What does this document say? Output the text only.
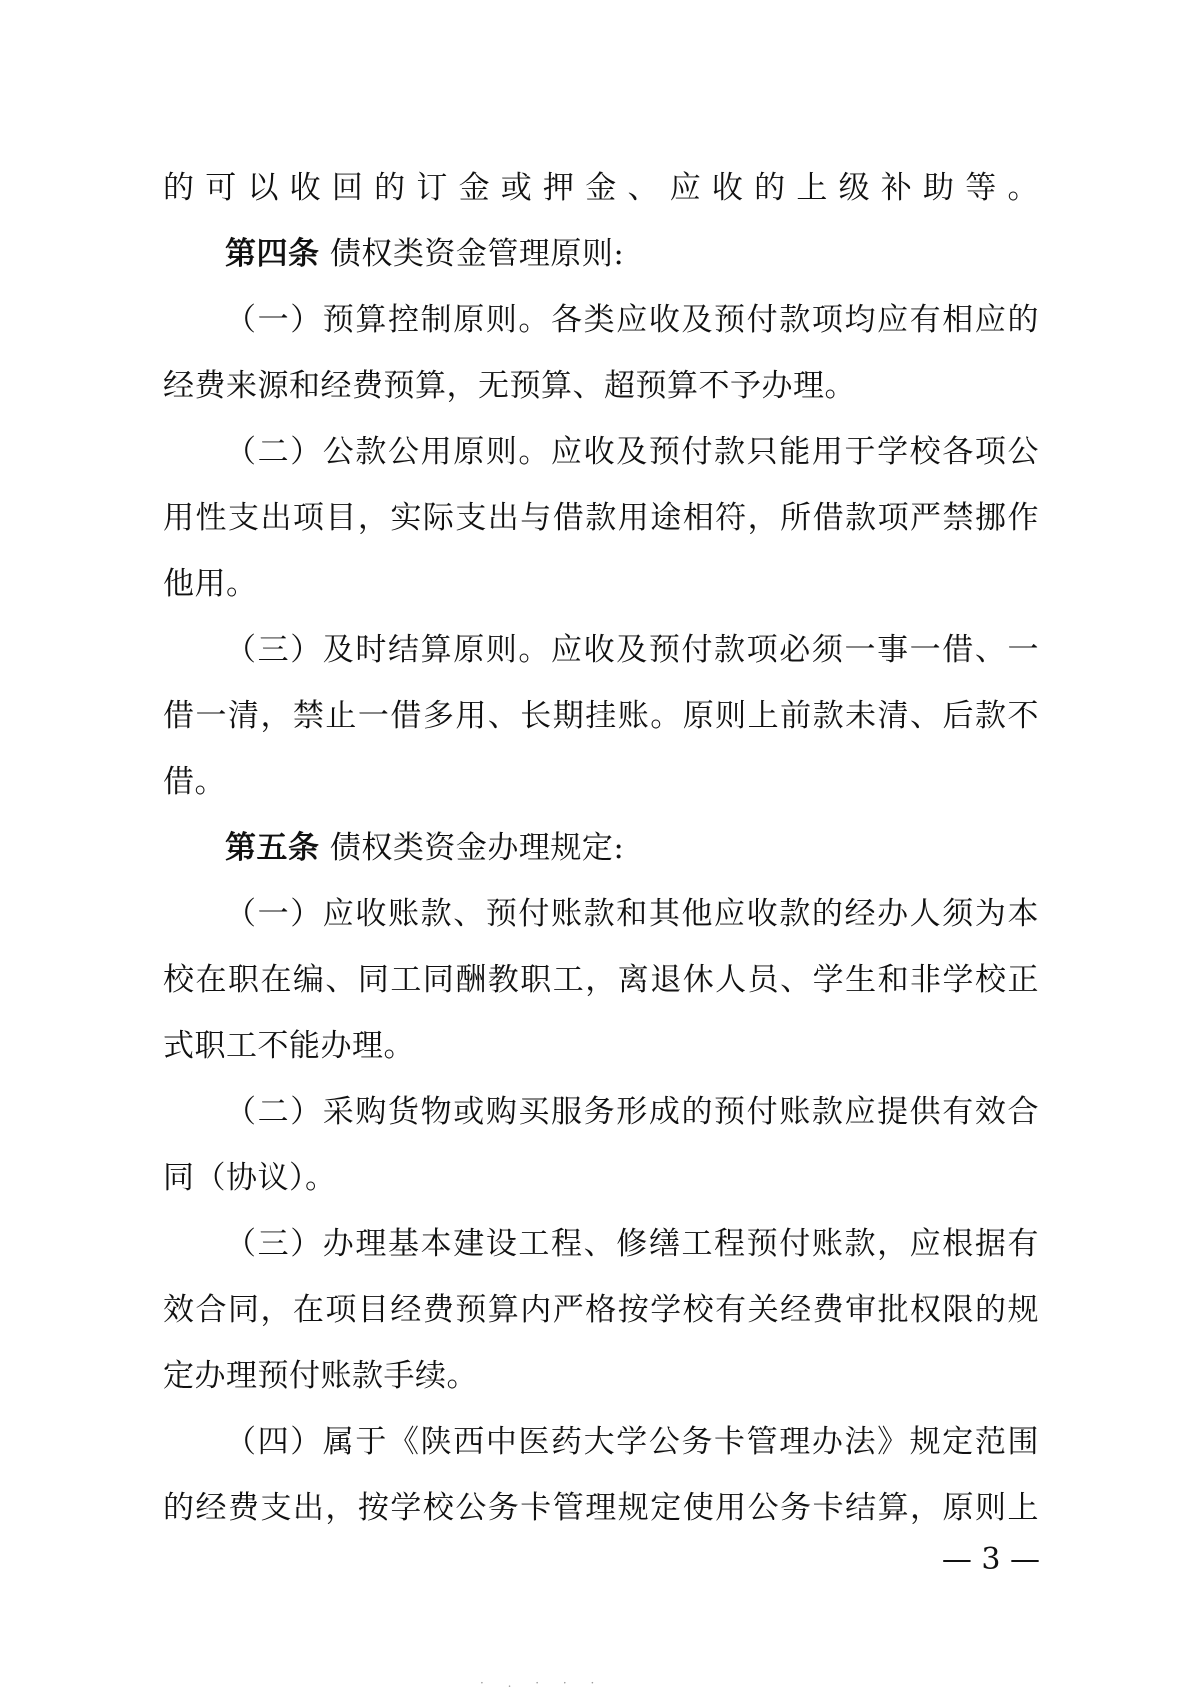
的可以收回的订金或押金、应收的上级补助等。
第四条 债权类资金管理原则:
（一）预算控制原则。各类应收及预付款项均应有相应的
经费来源和经费预算，无预算、超预算不予办理。
（二）公款公用原则。应收及预付款只能用于学校各项公
用性支出项目，实际支出与借款用途相符，所借款项严禁挪作
他用。
（三）及时结算原则。应收及预付款项必须一事一借、一
借一清，禁止一借多用、长期挂账。原则上前款未清、后款不
借。
第五条 债权类资金办理规定:
（一）应收账款、预付账款和其他应收款的经办人须为本
校在职在编、同工同酬教职工，离退休人员、学生和非学校正
式职工不能办理。
（二）采购货物或购买服务形成的预付账款应提供有效合
同（协议）。
（三）办理基本建设工程、修缮工程预付账款，应根据有
效合同，在项目经费预算内严格按学校有关经费审批权限的规
定办理预付账款手续。
（四）属于《陕西中医药大学公务卡管理办法》规定范围
的经费支出，按学校公务卡管理规定使用公务卡结算，原则上
— 3 —
· . · · ·
